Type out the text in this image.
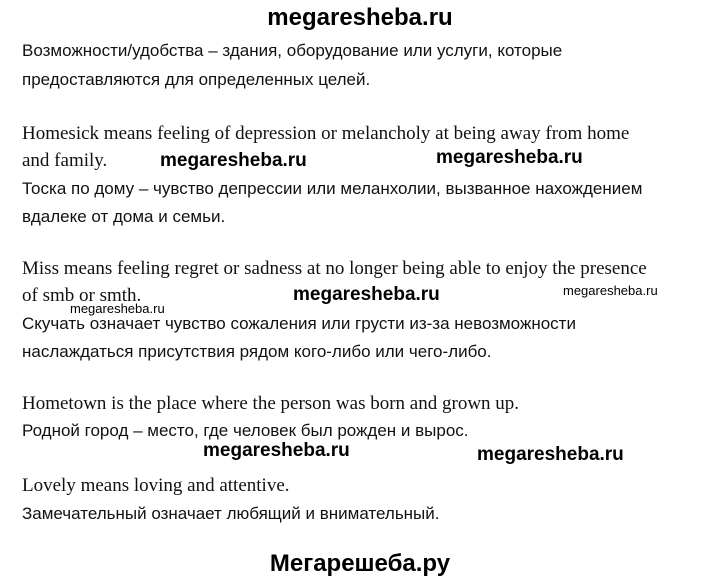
megaresheba.ru
Возможности/удобства – здания, оборудование или услуги, которые
предоставляются для определенных целей.
Homesick means feeling of depression or melancholy at being away from home
and family.
Тоска по дому – чувство депрессии или меланхолии, вызванное нахождением
вдалеке от дома и семьи.
Miss means feeling regret or sadness at no longer being able to enjoy the presence
of smb or smth.
Скучать означает чувство сожаления или грусти из-за невозможности
наслаждаться присутствия рядом кого-либо или чего-либо.
Hometown is the place where the person was born and grown up.
Родной город – место, где человек был рожден и вырос.
Lovely means loving and attentive.
Замечательный означает любящий и внимательный.
megaresheba.ru	megaresheba.ru
megaresheba.ru
megaresheba.ru	megaresheba.ru
megaresheba.ru	megaresheba.ru
Мегарешеба.ру
